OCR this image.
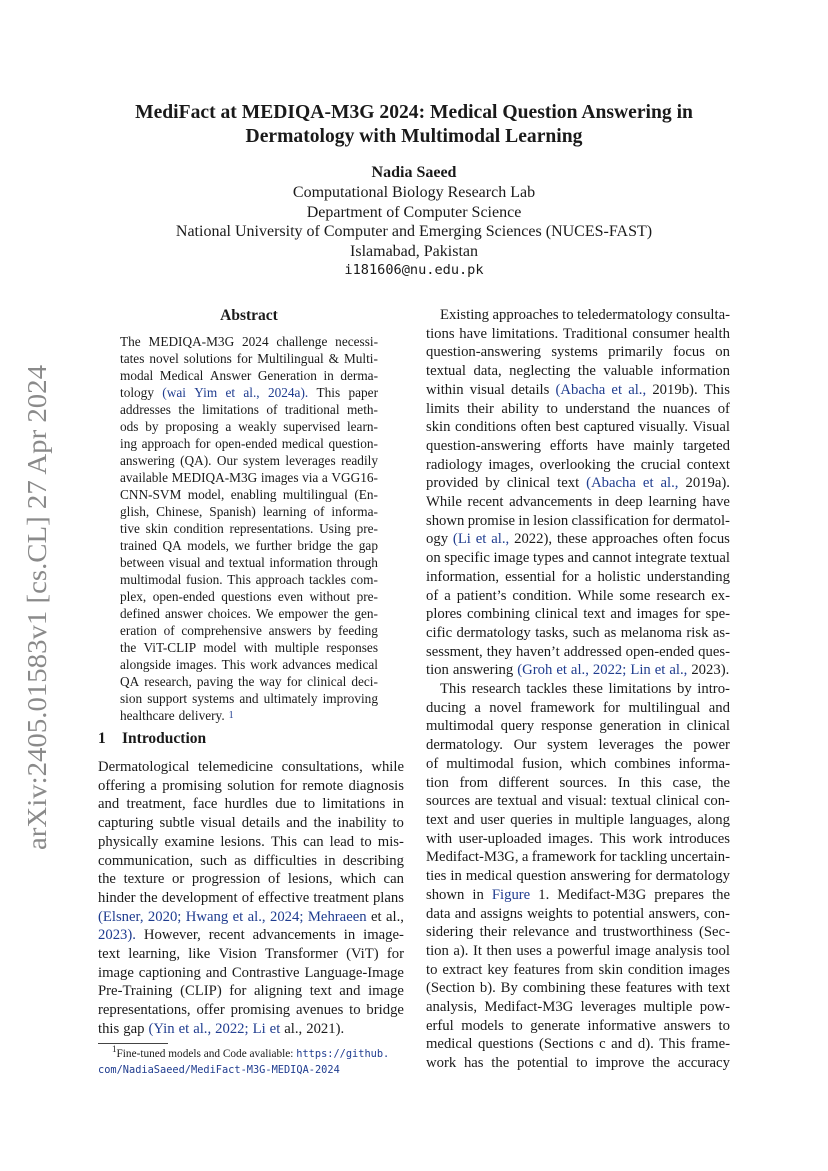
arXiv:2405.01583v1 [cs.CL] 27 Apr 2024
MediFact at MEDIQA-M3G 2024: Medical Question Answering in
Dermatology with Multimodal Learning
Nadia Saeed
Computational Biology Research Lab
Department of Computer Science
National University of Computer and Emerging Sciences (NUCES-FAST)
Islamabad, Pakistan
i181606@nu.edu.pk
Abstract
The MEDIQA-M3G 2024 challenge necessi-
tates novel solutions for Multilingual & Multi-
modal Medical Answer Generation in derma-
tology (wai Yim et al., 2024a). This paper
addresses the limitations of traditional meth-
ods by proposing a weakly supervised learn-
ing approach for open-ended medical question-
answering (QA). Our system leverages readily
available MEDIQA-M3G images via a VGG16-
CNN-SVM model, enabling multilingual (En-
glish, Chinese, Spanish) learning of informa-
tive skin condition representations. Using pre-
trained QA models, we further bridge the gap
between visual and textual information through
multimodal fusion. This approach tackles com-
plex, open-ended questions even without pre-
defined answer choices. We empower the gen-
eration of comprehensive answers by feeding
the ViT-CLIP model with multiple responses
alongside images. This work advances medical
QA research, paving the way for clinical deci-
sion support systems and ultimately improving
healthcare delivery. 1
1 Introduction
Dermatological telemedicine consultations, while
offering a promising solution for remote diagnosis
and treatment, face hurdles due to limitations in
capturing subtle visual details and the inability to
physically examine lesions. This can lead to mis-
communication, such as difficulties in describing
the texture or progression of lesions, which can
hinder the development of effective treatment plans
(Elsner, 2020; Hwang et al., 2024; Mehraeen et al.,
2023). However, recent advancements in image-
text learning, like Vision Transformer (ViT) for
image captioning and Contrastive Language-Image
Pre-Training (CLIP) for aligning text and image
representations, offer promising avenues to bridge
this gap (Yin et al., 2022; Li et al., 2021).
$^1$Fine-tuned models and Code avaliable: https://github.
com/NadiaSaeed/MediFact-M3G-MEDIQA-2024
Existing approaches to teledermatology consulta-
tions have limitations. Traditional consumer health
question-answering systems primarily focus on
textual data, neglecting the valuable information
within visual details (Abacha et al., 2019b). This
limits their ability to understand the nuances of
skin conditions often best captured visually. Visual
question-answering efforts have mainly targeted
radiology images, overlooking the crucial context
provided by clinical text (Abacha et al., 2019a).
While recent advancements in deep learning have
shown promise in lesion classification for dermatol-
ogy (Li et al., 2022), these approaches often focus
on specific image types and cannot integrate textual
information, essential for a holistic understanding
of a patient’s condition. While some research ex-
plores combining clinical text and images for spe-
cific dermatology tasks, such as melanoma risk as-
sessment, they haven’t addressed open-ended ques-
tion answering (Groh et al., 2022; Lin et al., 2023).
This research tackles these limitations by intro-
ducing a novel framework for multilingual and
multimodal query response generation in clinical
dermatology. Our system leverages the power
of multimodal fusion, which combines informa-
tion from different sources. In this case, the
sources are textual and visual: textual clinical con-
text and user queries in multiple languages, along
with user-uploaded images. This work introduces
Medifact-M3G, a framework for tackling uncertain-
ties in medical question answering for dermatology
shown in Figure 1. Medifact-M3G prepares the
data and assigns weights to potential answers, con-
sidering their relevance and trustworthiness (Sec-
tion a). It then uses a powerful image analysis tool
to extract key features from skin condition images
(Section b). By combining these features with text
analysis, Medifact-M3G leverages multiple pow-
erful models to generate informative answers to
medical questions (Sections c and d). This frame-
work has the potential to improve the accuracy
